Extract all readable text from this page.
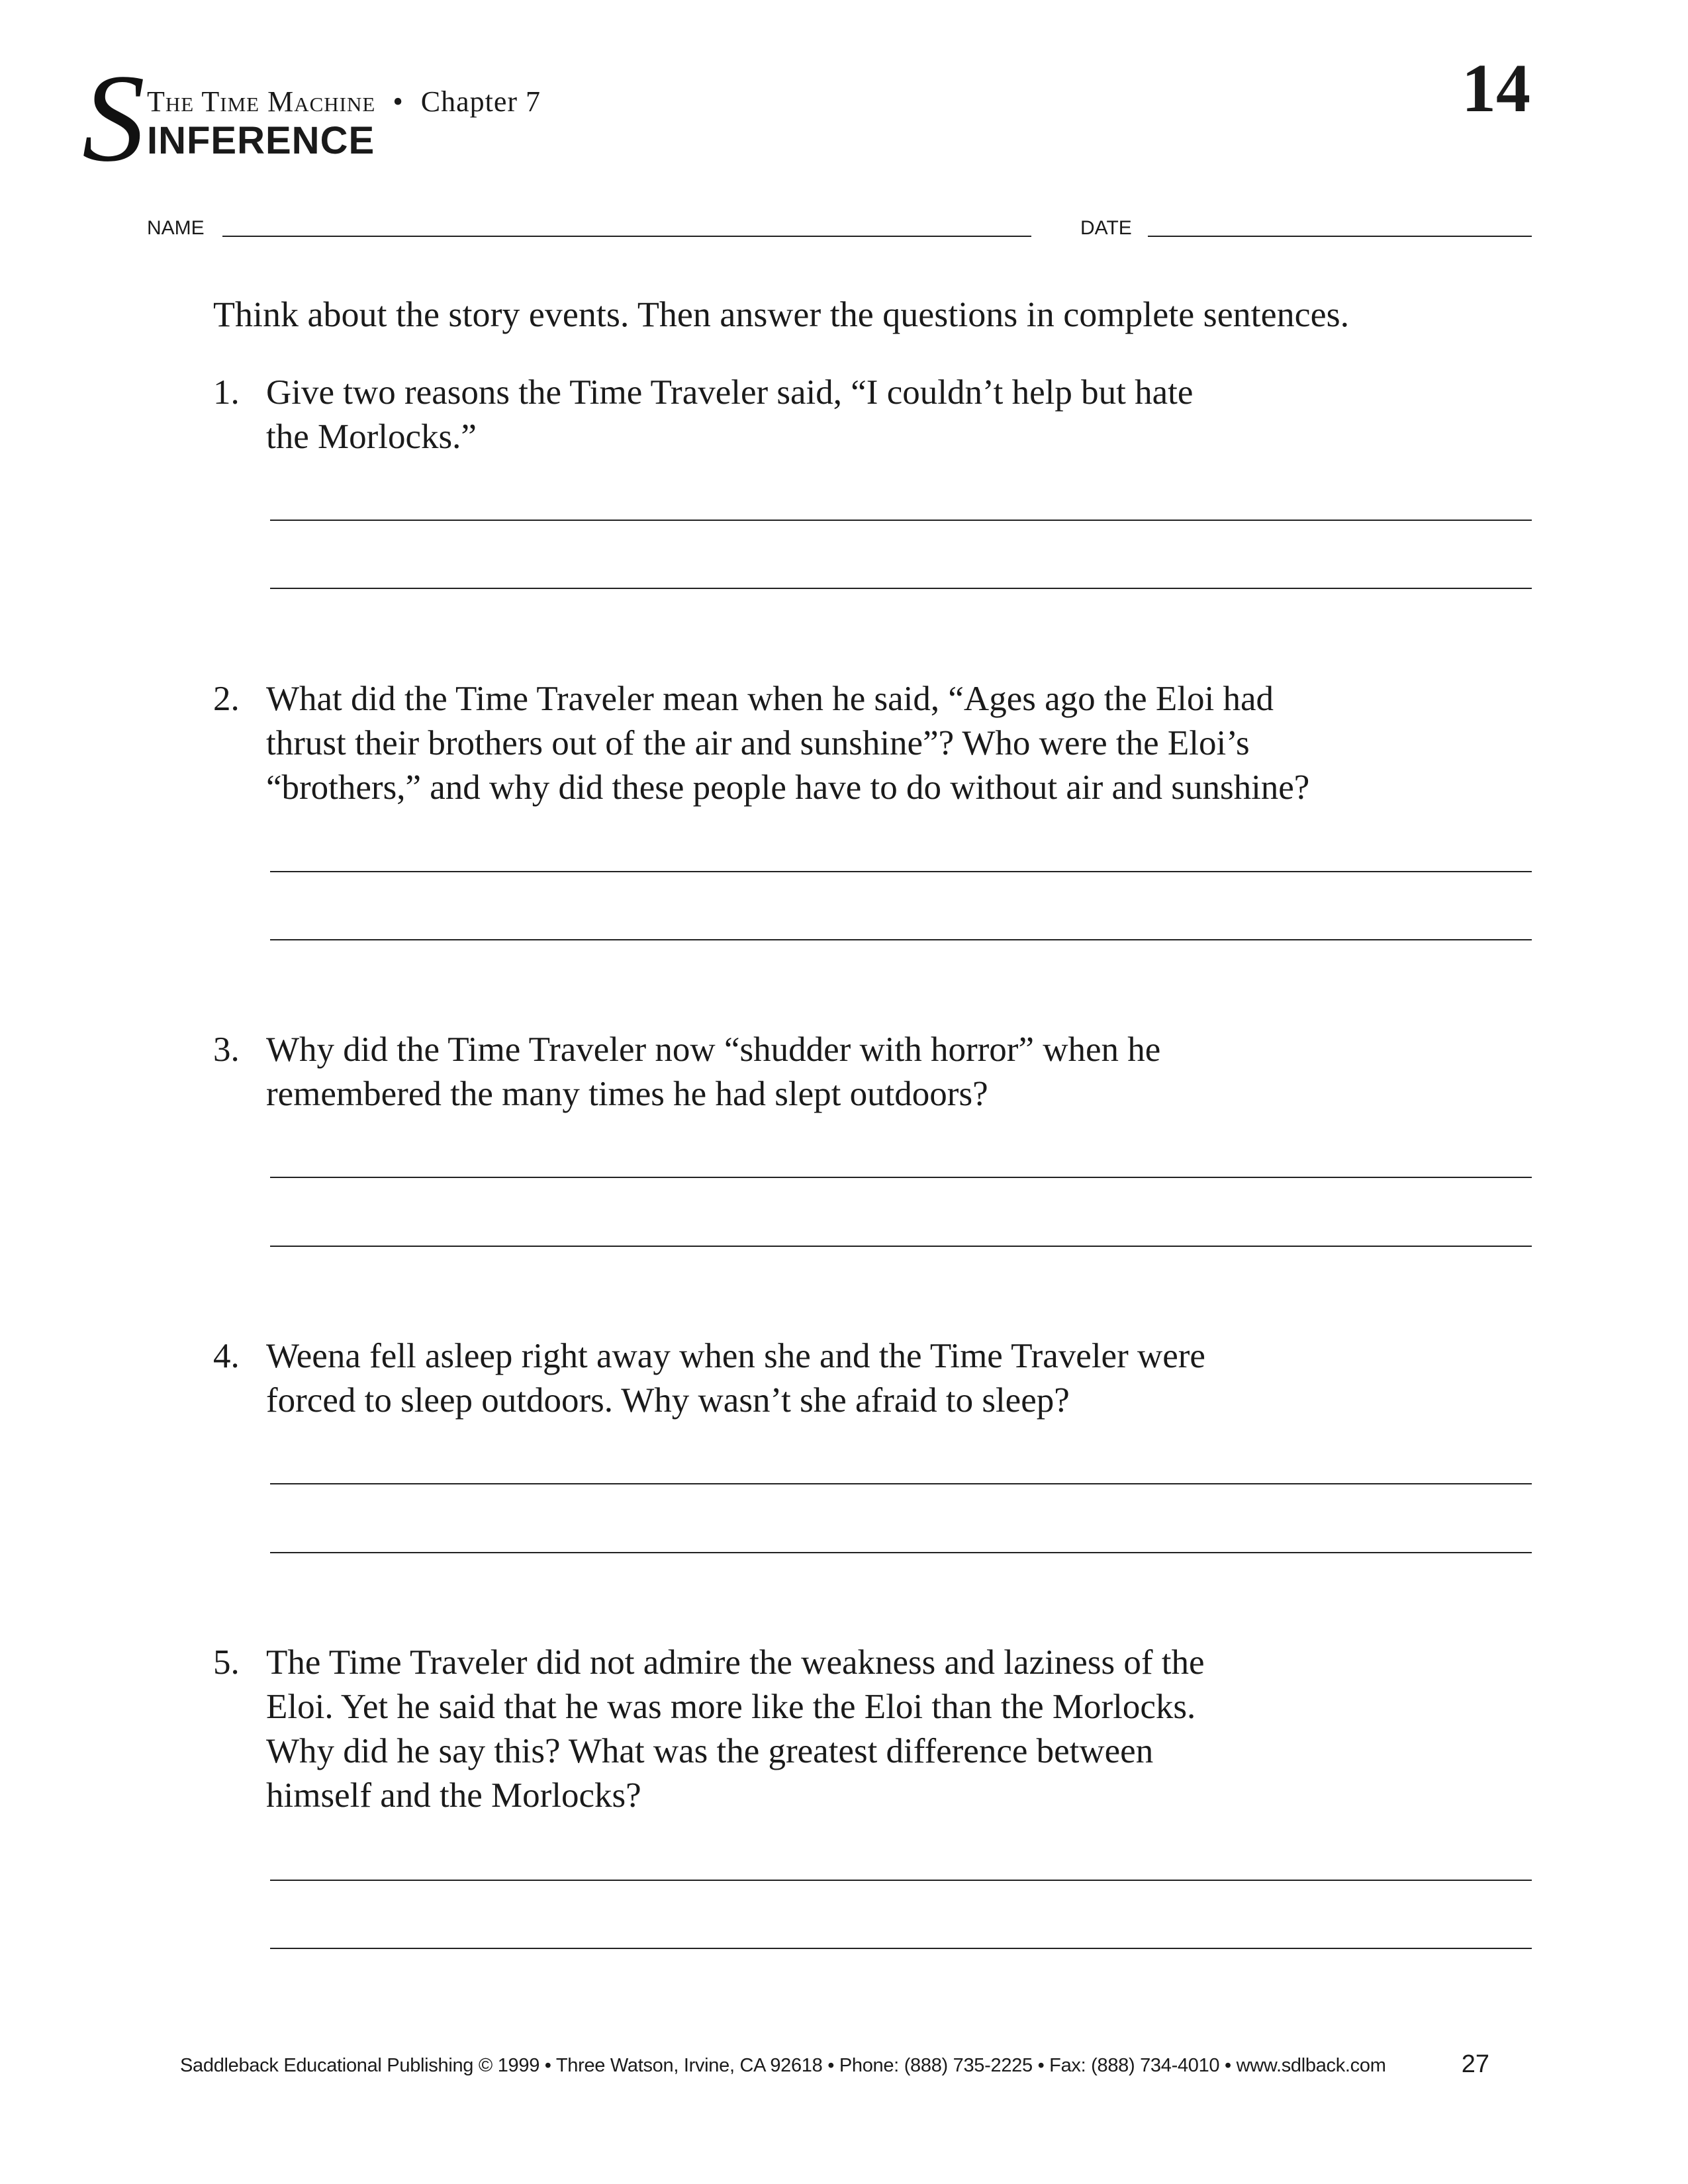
S The Time Machine • Chapter 7
INFERENCE
14
NAME	DATE
Think about the story events. Then answer the questions in complete sentences.
1. Give two reasons the Time Traveler said, “I couldn’t help but hate
the Morlocks.”
2. What did the Time Traveler mean when he said, “Ages ago the Eloi had
thrust their brothers out of the air and sunshine”? Who were the Eloi’s
“brothers,” and why did these people have to do without air and sunshine?
3. Why did the Time Traveler now “shudder with horror” when he
remembered the many times he had slept outdoors?
4. Weena fell asleep right away when she and the Time Traveler were
forced to sleep outdoors. Why wasn’t she afraid to sleep?
5. The Time Traveler did not admire the weakness and laziness of the
Eloi. Yet he said that he was more like the Eloi than the Morlocks.
Why did he say this? What was the greatest difference between
himself and the Morlocks?
Saddleback Educational Publishing © 1999 • Three Watson, Irvine, CA 92618 • Phone: (888) 735-2225 • Fax: (888) 734-4010 • www.sdlback.com	27
